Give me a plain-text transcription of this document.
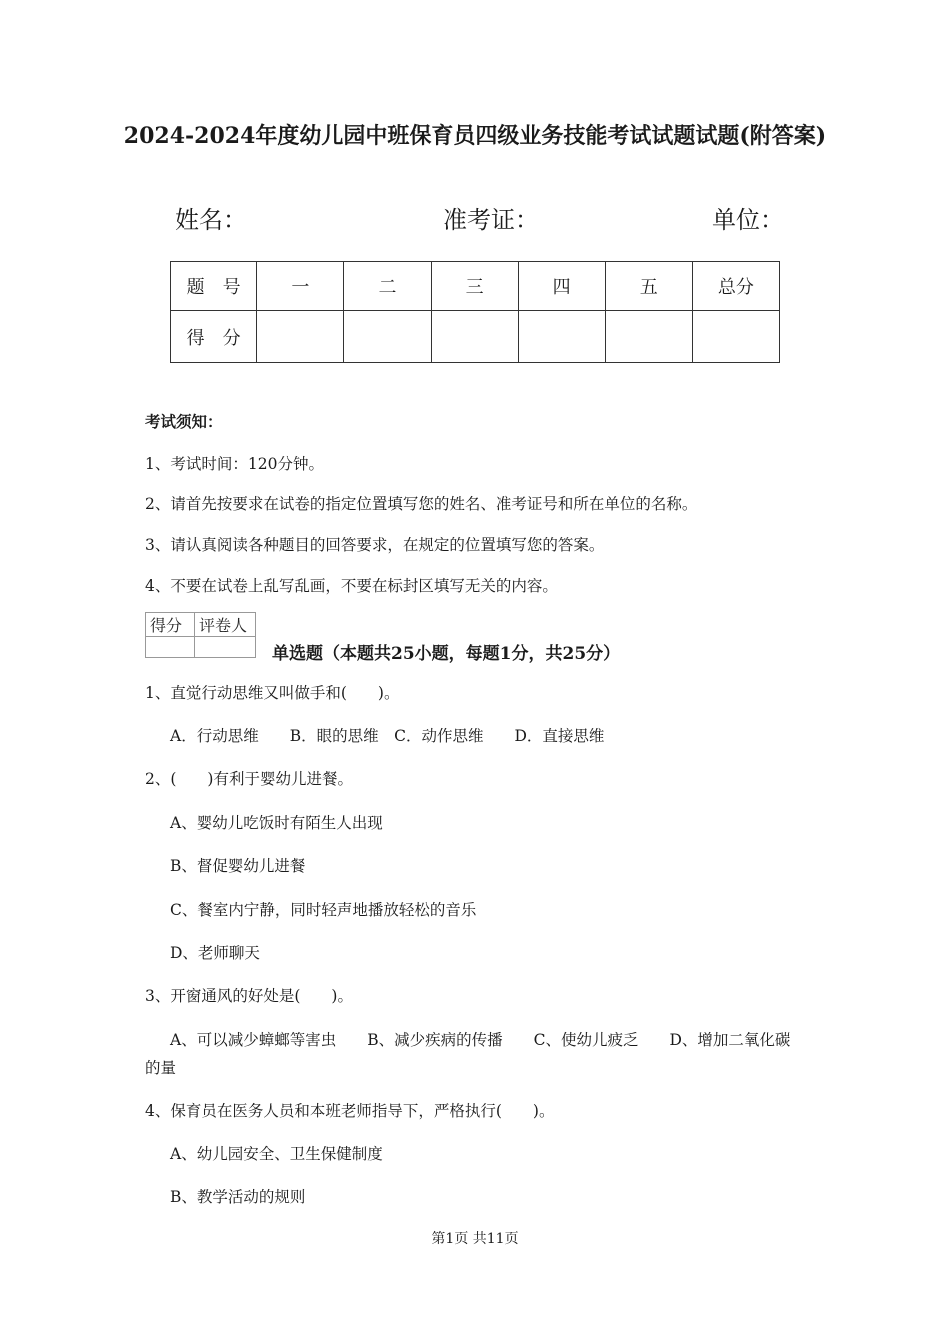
2024-2024年度幼儿园中班保育员四级业务技能考试试题试题(附答案)
姓名：	准考证：	单位：
题　号	一	二	三	四	五	总分
得　分						
考试须知：
1、考试时间：120分钟。
2、请首先按要求在试卷的指定位置填写您的姓名、准考证号和所在单位的名称。
3、请认真阅读各种题目的回答要求，在规定的位置填写您的答案。
4、不要在试卷上乱写乱画，不要在标封区填写无关的内容。
得分	评卷人

单选题（本题共25小题，每题1分，共25分）
1、直觉行动思维又叫做手和(　　)。
A．行动思维　　B．眼的思维　C．动作思维　　D．直接思维
2、(　　)有利于婴幼儿进餐。
A、婴幼儿吃饭时有陌生人出现
B、督促婴幼儿进餐
C、餐室内宁静，同时轻声地播放轻松的音乐
D、老师聊天
3、开窗通风的好处是(　　)。
A、可以减少蟑螂等害虫　　B、减少疾病的传播　　C、使幼儿疲乏　　D、增加二氧化碳
的量
4、保育员在医务人员和本班老师指导下，严格执行(　　)。
A、幼儿园安全、卫生保健制度
B、教学活动的规则
第1页 共11页
